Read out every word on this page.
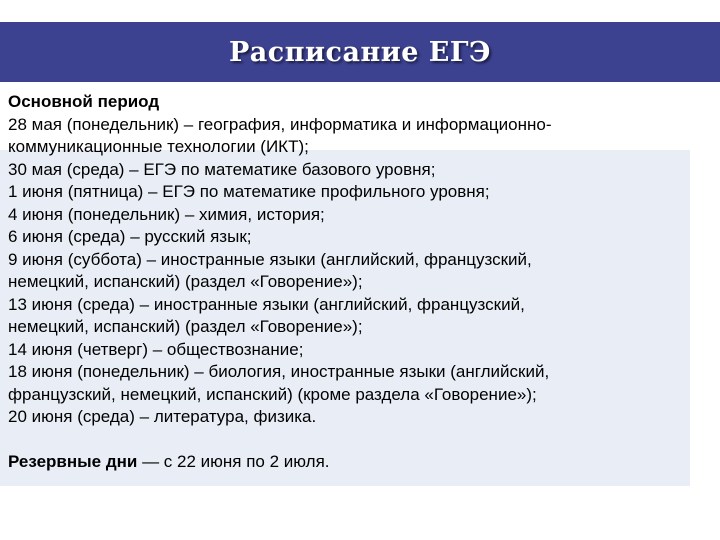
Расписание ЕГЭ
Основной период
28 мая (понедельник) – география, информатика и информационно-
коммуникационные технологии (ИКТ);
30 мая (среда) – ЕГЭ по математике базового уровня;
1 июня (пятница) – ЕГЭ по математике профильного уровня;
4 июня (понедельник) – химия, история;
6 июня (среда) – русский язык;
9 июня (суббота) – иностранные языки (английский, французский,
немецкий, испанский) (раздел «Говорение»);
13 июня (среда) – иностранные языки (английский, французский,
немецкий, испанский) (раздел «Говорение»);
14 июня (четверг) – обществознание;
18 июня (понедельник) – биология, иностранные языки (английский,
французский, немецкий, испанский) (кроме раздела «Говорение»);
20 июня (среда) – литература, физика.
Резервные дни — с 22 июня по 2 июля.
